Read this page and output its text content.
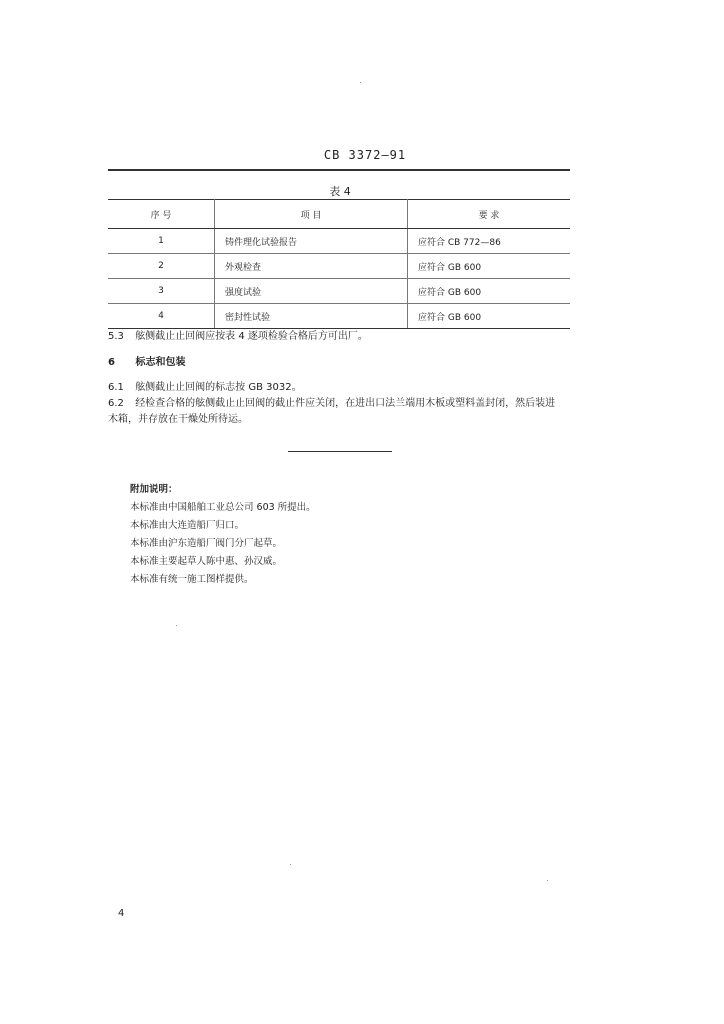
CB 3372—91
表 4
序 号	项 目	要 求
1	铸件理化试验报告	应符合 CB 772—86
2	外观检查	应符合 GB 600
3	强度试验	应符合 GB 600
4	密封性试验	应符合 GB 600
5.3 舷侧截止止回阀应按表 4 逐项检验合格后方可出厂。
6 标志和包装
6.1 舷侧截止止回阀的标志按 GB 3032。
6.2 经检查合格的舷侧截止止回阀的截止件应关闭，在进出口法兰端用木板或塑料盖封闭，然后装进
木箱，并存放在干燥处所待运。
附加说明：
本标准由中国船舶工业总公司 603 所提出。
本标准由大连造船厂归口。
本标准由沪东造船厂阀门分厂起草。
本标准主要起草人陈中惠、孙汉威。
本标准有统一施工图样提供。
4
